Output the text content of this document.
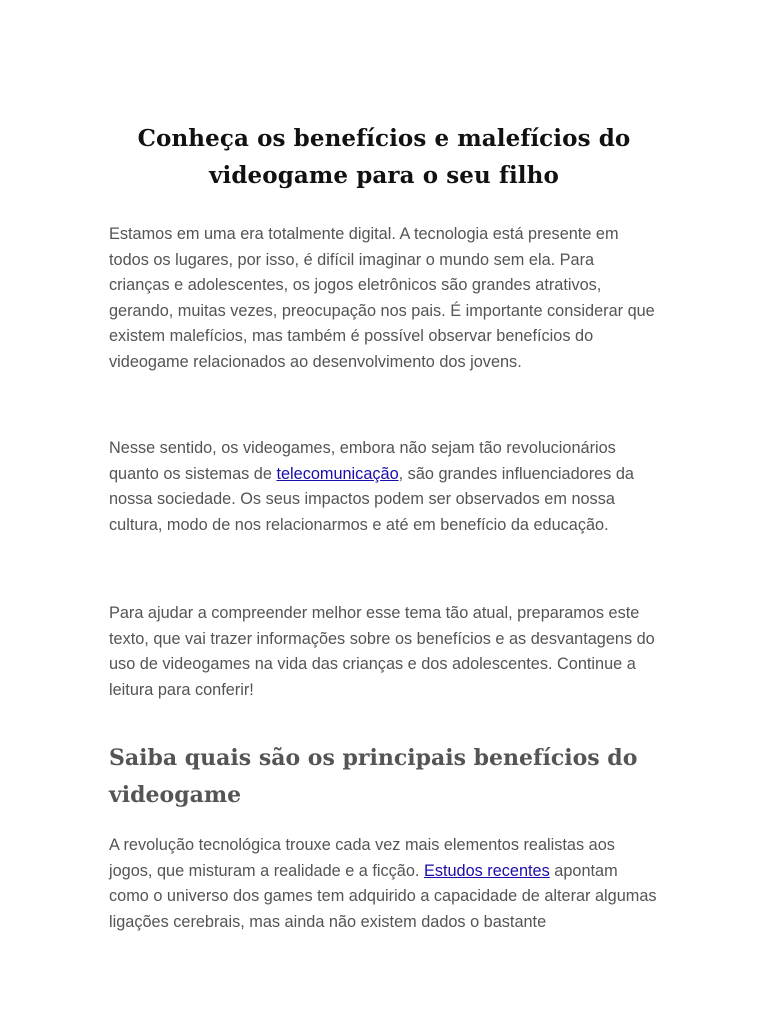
Conheça os benefícios e malefícios do videogame para o seu filho

Estamos em uma era totalmente digital. A tecnologia está presente em todos os lugares, por isso, é difícil imaginar o mundo sem ela. Para crianças e adolescentes, os jogos eletrônicos são grandes atrativos, gerando, muitas vezes, preocupação nos pais. É importante considerar que existem malefícios, mas também é possível observar benefícios do videogame relacionados ao desenvolvimento dos jovens.

Nesse sentido, os videogames, embora não sejam tão revolucionários quanto os sistemas de telecomunicação, são grandes influenciadores da nossa sociedade. Os seus impactos podem ser observados em nossa cultura, modo de nos relacionarmos e até em benefício da educação.

Para ajudar a compreender melhor esse tema tão atual, preparamos este texto, que vai trazer informações sobre os benefícios e as desvantagens do uso de videogames na vida das crianças e dos adolescentes. Continue a leitura para conferir!

Saiba quais são os principais benefícios do videogame

A revolução tecnológica trouxe cada vez mais elementos realistas aos jogos, que misturam a realidade e a ficção. Estudos recentes apontam como o universo dos games tem adquirido a capacidade de alterar algumas ligações cerebrais, mas ainda não existem dados o bastante
